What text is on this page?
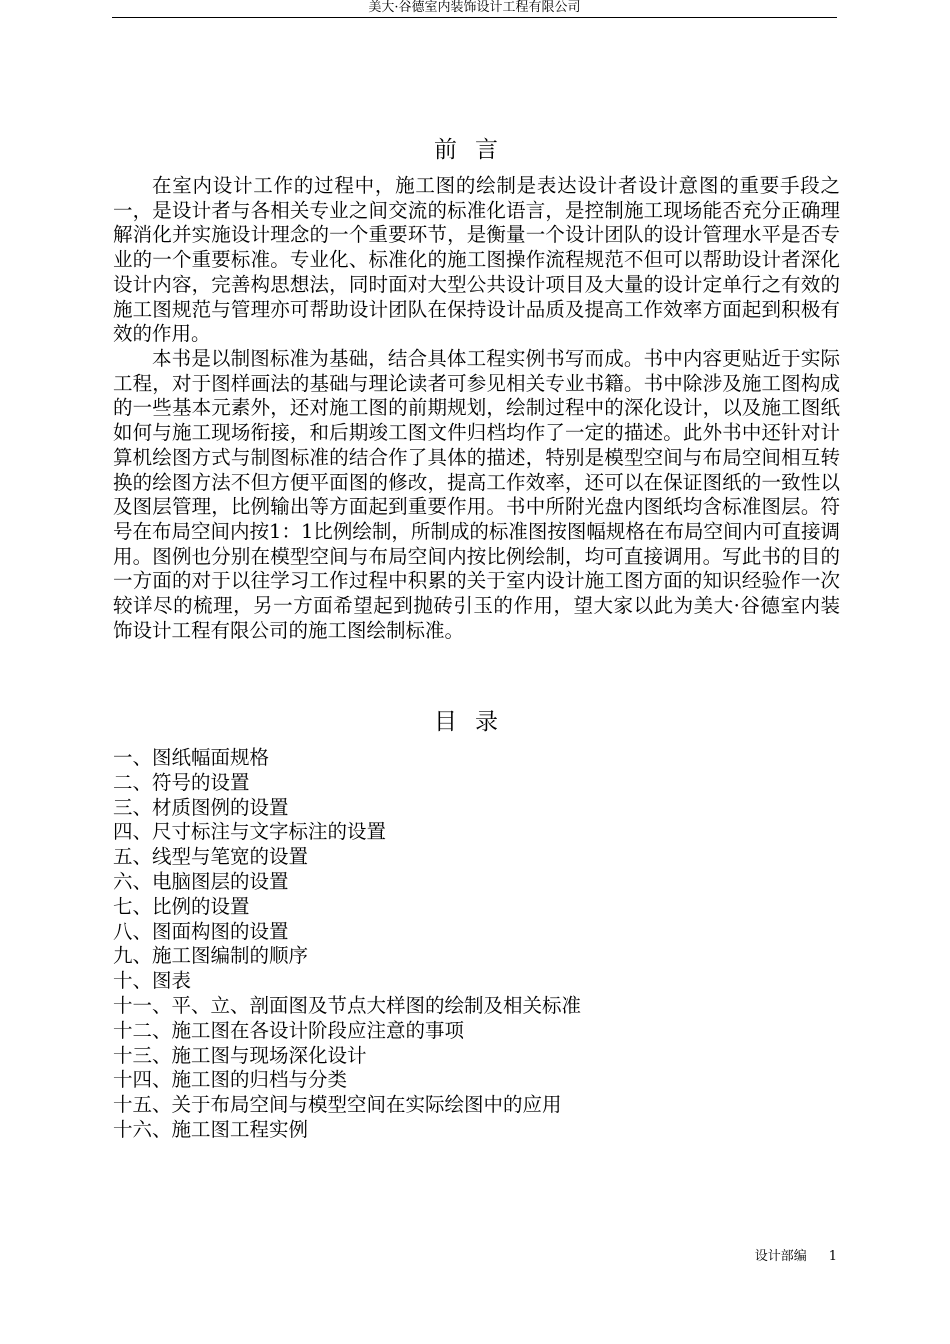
美大·谷德室内装饰设计工程有限公司
前言

在室内设计工作的过程中，施工图的绘制是表达设计者设计意图的重要手段之一，是设计者与各相关专业之间交流的标准化语言，是控制施工现场能否充分正确理解消化并实施设计理念的一个重要环节，是衡量一个设计团队的设计管理水平是否专业的一个重要标准。专业化、标准化的施工图操作流程规范不但可以帮助设计者深化设计内容，完善构思想法，同时面对大型公共设计项目及大量的设计定单行之有效的施工图规范与管理亦可帮助设计团队在保持设计品质及提高工作效率方面起到积极有效的作用。

本书是以制图标准为基础，结合具体工程实例书写而成。书中内容更贴近于实际工程，对于图样画法的基础与理论读者可参见相关专业书籍。书中除涉及施工图构成的一些基本元素外，还对施工图的前期规划，绘制过程中的深化设计，以及施工图纸如何与施工现场衔接，和后期竣工图文件归档均作了一定的描述。此外书中还针对计算机绘图方式与制图标准的结合作了具体的描述，特别是模型空间与布局空间相互转换的绘图方法不但方便平面图的修改，提高工作效率，还可以在保证图纸的一致性以及图层管理，比例输出等方面起到重要作用。书中所附光盘内图纸均含标准图层。符号在布局空间内按1：1比例绘制，所制成的标准图按图幅规格在布局空间内可直接调用。图例也分别在模型空间与布局空间内按比例绘制，均可直接调用。写此书的目的一方面的对于以往学习工作过程中积累的关于室内设计施工图方面的知识经验作一次较详尽的梳理，另一方面希望起到抛砖引玉的作用，望大家以此为美大·谷德室内装饰设计工程有限公司的施工图绘制标准。

目录
一、图纸幅面规格
二、符号的设置
三、材质图例的设置
四、尺寸标注与文字标注的设置
五、线型与笔宽的设置
六、电脑图层的设置
七、比例的设置
八、图面构图的设置
九、施工图编制的顺序
十、图表
十一、平、立、剖面图及节点大样图的绘制及相关标准
十二、施工图在各设计阶段应注意的事项
十三、施工图与现场深化设计
十四、施工图的归档与分类
十五、关于布局空间与模型空间在实际绘图中的应用
十六、施工图工程实例
设计部编 1
